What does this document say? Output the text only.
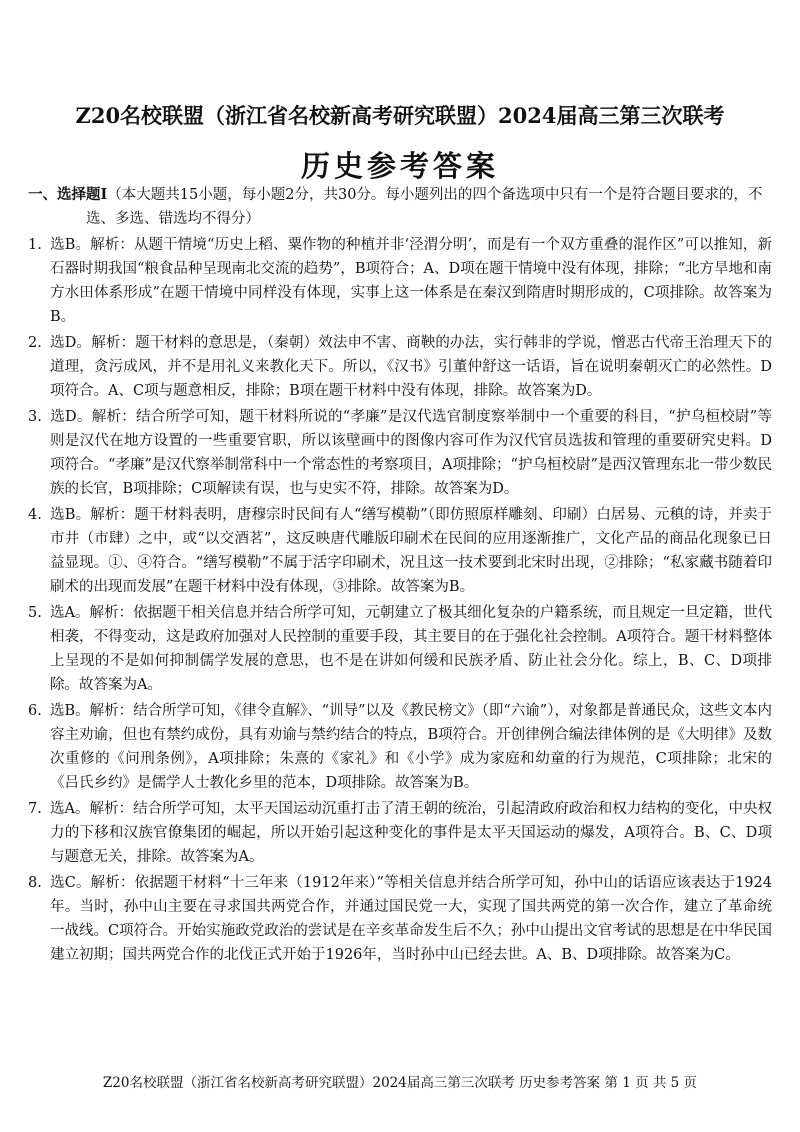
Z20名校联盟（浙江省名校新高考研究联盟）2024届高三第三次联考
历史参考答案
一、选择题Ⅰ（本大题共15小题，每小题2分，共30分。每小题列出的四个备选项中只有一个是符合题目要求的，不选、多选、错选均不得分）
1. 选B。解析：从题干情境“历史上稻、粟作物的种植并非‘泾渭分明’，而是有一个双方重叠的混作区”可以推知，新石器时期我国“粮食品种呈现南北交流的趋势”，B项符合；A、D项在题干情境中没有体现，排除；“北方旱地和南方水田体系形成”在题干情境中同样没有体现，实事上这一体系是在秦汉到隋唐时期形成的，C项排除。故答案为B。
2. 选D。解析：题干材料的意思是，（秦朝）效法申不害、商鞅的办法，实行韩非的学说，憎恶古代帝王治理天下的道理，贪污成风，并不是用礼义来教化天下。所以，《汉书》引董仲舒这一话语，旨在说明秦朝灭亡的必然性。D项符合。A、C项与题意相反，排除；B项在题干材料中没有体现，排除。故答案为D。
3. 选D。解析：结合所学可知，题干材料所说的“孝廉”是汉代选官制度察举制中一个重要的科目，“护乌桓校尉”等则是汉代在地方设置的一些重要官职，所以该壁画中的图像内容可作为汉代官员选拔和管理的重要研究史料。D项符合。“孝廉”是汉代察举制常科中一个常态性的考察项目，A项排除；“护乌桓校尉”是西汉管理东北一带少数民族的长官，B项排除；C项解读有误，也与史实不符，排除。故答案为D。
4. 选B。解析：题干材料表明，唐穆宗时民间有人“缮写模勒”（即仿照原样雕刻、印刷）白居易、元稹的诗，并卖于市井（市肆）之中，或“以交酒茗”，这反映唐代雕版印刷术在民间的应用逐渐推广，文化产品的商品化现象已日益显现。①、④符合。“缮写模勒”不属于活字印刷术，况且这一技术要到北宋时出现，②排除；“私家藏书随着印刷术的出现而发展”在题干材料中没有体现，③排除。故答案为B。
5. 选A。解析：依据题干相关信息并结合所学可知，元朝建立了极其细化复杂的户籍系统，而且规定一旦定籍，世代相袭，不得变动，这是政府加强对人民控制的重要手段，其主要目的在于强化社会控制。A项符合。题干材料整体上呈现的不是如何抑制儒学发展的意思，也不是在讲如何缓和民族矛盾、防止社会分化。综上，B、C、D项排除。故答案为A。
6. 选B。解析：结合所学可知，《律令直解》、“训导”以及《教民榜文》（即“六谕”），对象都是普通民众，这些文本内容主劝谕，但也有禁约成份，具有劝谕与禁约结合的特点，B项符合。开创律例合编法律体例的是《大明律》及数次重修的《问刑条例》，A项排除；朱熹的《家礼》和《小学》成为家庭和幼童的行为规范，C项排除；北宋的《吕氏乡约》是儒学人士教化乡里的范本，D项排除。故答案为B。
7. 选A。解析：结合所学可知，太平天国运动沉重打击了清王朝的统治，引起清政府政治和权力结构的变化，中央权力的下移和汉族官僚集团的崛起，所以开始引起这种变化的事件是太平天国运动的爆发，A项符合。B、C、D项与题意无关，排除。故答案为A。
8. 选C。解析：依据题干材料“十三年来（1912年来）”等相关信息并结合所学可知，孙中山的话语应该表达于1924年。当时，孙中山主要在寻求国共两党合作，并通过国民党一大，实现了国共两党的第一次合作，建立了革命统一战线。C项符合。开始实施政党政治的尝试是在辛亥革命发生后不久；孙中山提出文官考试的思想是在中华民国建立初期；国共两党合作的北伐正式开始于1926年，当时孙中山已经去世。A、B、D项排除。故答案为C。
Z20名校联盟（浙江省名校新高考研究联盟）2024届高三第三次联考 历史参考答案 第 1 页 共 5 页
